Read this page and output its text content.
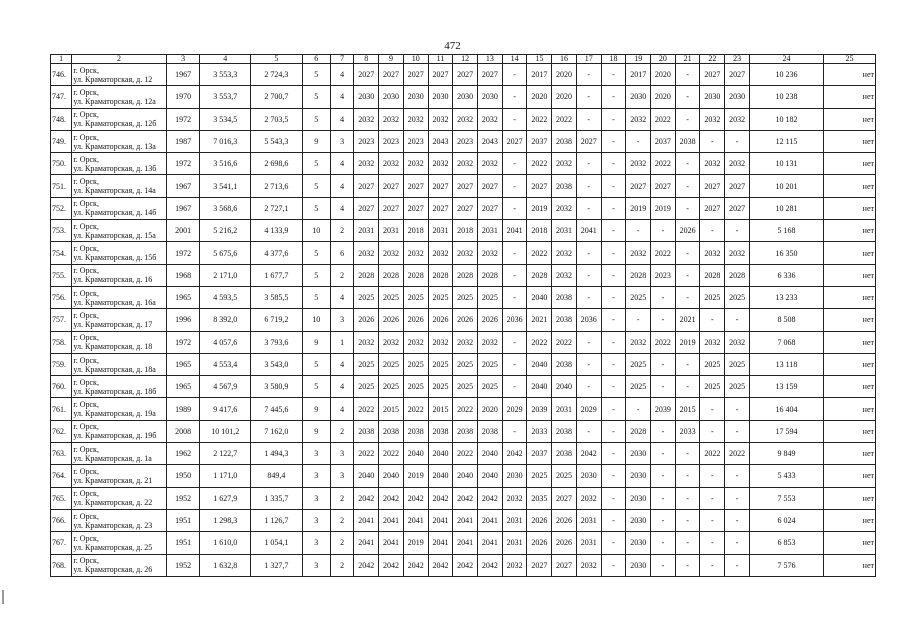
472
1	2	3	4	5	6	7	8	9	10	11	12	13	14	15	16	17	18	19	20	21	22	23	24	25
746.	г. Орск,
ул. Краматорская, д. 12	1967	3 553,3	2 724,3	5	4	2027	2027	2027	2027	2027	2027	-	2017	2020	-	-	2017	2020	-	2027	2027	10 236	нет
747.	г. Орск,
ул. Краматорская, д. 12а	1970	3 553,7	2 700,7	5	4	2030	2030	2030	2030	2030	2030	-	2020	2020	-	-	2030	2020	-	2030	2030	10 238	нет
748.	г. Орск,
ул. Краматорская, д. 12б	1972	3 534,5	2 703,5	5	4	2032	2032	2032	2032	2032	2032	-	2022	2022	-	-	2032	2022	-	2032	2032	10 182	нет
749.	г. Орск,
ул. Краматорская, д. 13а	1987	7 016,3	5 543,3	9	3	2023	2023	2023	2043	2023	2043	2027	2037	2038	2027	-	-	2037	2038	-	-	12 115	нет
750.	г. Орск,
ул. Краматорская, д. 13б	1972	3 516,6	2 698,6	5	4	2032	2032	2032	2032	2032	2032	-	2022	2032	-	-	2032	2022	-	2032	2032	10 131	нет
751.	г. Орск,
ул. Краматорская, д. 14а	1967	3 541,1	2 713,6	5	4	2027	2027	2027	2027	2027	2027	-	2027	2038	-	-	2027	2027	-	2027	2027	10 201	нет
752.	г. Орск,
ул. Краматорская, д. 14б	1967	3 568,6	2 727,1	5	4	2027	2027	2027	2027	2027	2027	-	2019	2032	-	-	2019	2019	-	2027	2027	10 281	нет
753.	г. Орск,
ул. Краматорская, д. 15а	2001	5 216,2	4 133,9	10	2	2031	2031	2018	2031	2018	2031	2041	2018	2031	2041	-	-	-	2026	-	-	5 168	нет
754.	г. Орск,
ул. Краматорская, д. 15б	1972	5 675,6	4 377,6	5	6	2032	2032	2032	2032	2032	2032	-	2022	2032	-	-	2032	2022	-	2032	2032	16 350	нет
755.	г. Орск,
ул. Краматорская, д. 16	1968	2 171,0	1 677,7	5	2	2028	2028	2028	2028	2028	2028	-	2028	2032	-	-	2028	2023	-	2028	2028	6 336	нет
756.	г. Орск,
ул. Краматорская, д. 16а	1965	4 593,5	3 585,5	5	4	2025	2025	2025	2025	2025	2025	-	2040	2038	-	-	2025	-	-	2025	2025	13 233	нет
757.	г. Орск,
ул. Краматорская, д. 17	1996	8 392,0	6 719,2	10	3	2026	2026	2026	2026	2026	2026	2036	2021	2038	2036	-	-	-	2021	-	-	8 508	нет
758.	г. Орск,
ул. Краматорская, д. 18	1972	4 057,6	3 793,6	9	1	2032	2032	2032	2032	2032	2032	-	2022	2022	-	-	2032	2022	2019	2032	2032	7 068	нет
759.	г. Орск,
ул. Краматорская, д. 18а	1965	4 553,4	3 543,0	5	4	2025	2025	2025	2025	2025	2025	-	2040	2038	-	-	2025	-	-	2025	2025	13 118	нет
760.	г. Орск,
ул. Краматорская, д. 18б	1965	4 567,9	3 580,9	5	4	2025	2025	2025	2025	2025	2025	-	2040	2040	-	-	2025	-	-	2025	2025	13 159	нет
761.	г. Орск,
ул. Краматорская, д. 19а	1989	9 417,6	7 445,6	9	4	2022	2015	2022	2015	2022	2020	2029	2039	2031	2029	-	-	2039	2015	-	-	16 404	нет
762.	г. Орск,
ул. Краматорская, д. 19б	2008	10 101,2	7 162,0	9	2	2038	2038	2038	2038	2038	2038	-	2033	2038	-	-	2028	-	2033	-	-	17 594	нет
763.	г. Орск,
ул. Краматорская, д. 1а	1962	2 122,7	1 494,3	3	3	2022	2022	2040	2040	2022	2040	2042	2037	2038	2042	-	2030	-	-	2022	2022	9 849	нет
764.	г. Орск,
ул. Краматорская, д. 21	1950	1 171,0	849,4	3	3	2040	2040	2019	2040	2040	2040	2030	2025	2025	2030	-	2030	-	-	-	-	5 433	нет
765.	г. Орск,
ул. Краматорская, д. 22	1952	1 627,9	1 335,7	3	2	2042	2042	2042	2042	2042	2042	2032	2035	2027	2032	-	2030	-	-	-	-	7 553	нет
766.	г. Орск,
ул. Краматорская, д. 23	1951	1 298,3	1 126,7	3	2	2041	2041	2041	2041	2041	2041	2031	2026	2026	2031	-	2030	-	-	-	-	6 024	нет
767.	г. Орск,
ул. Краматорская, д. 25	1951	1 610,0	1 054,1	3	2	2041	2041	2019	2041	2041	2041	2031	2026	2026	2031	-	2030	-	-	-	-	6 853	нет
768.	г. Орск,
ул. Краматорская, д. 26	1952	1 632,8	1 327,7	3	2	2042	2042	2042	2042	2042	2042	2032	2027	2027	2032	-	2030	-	-	-	-	7 576	нет
